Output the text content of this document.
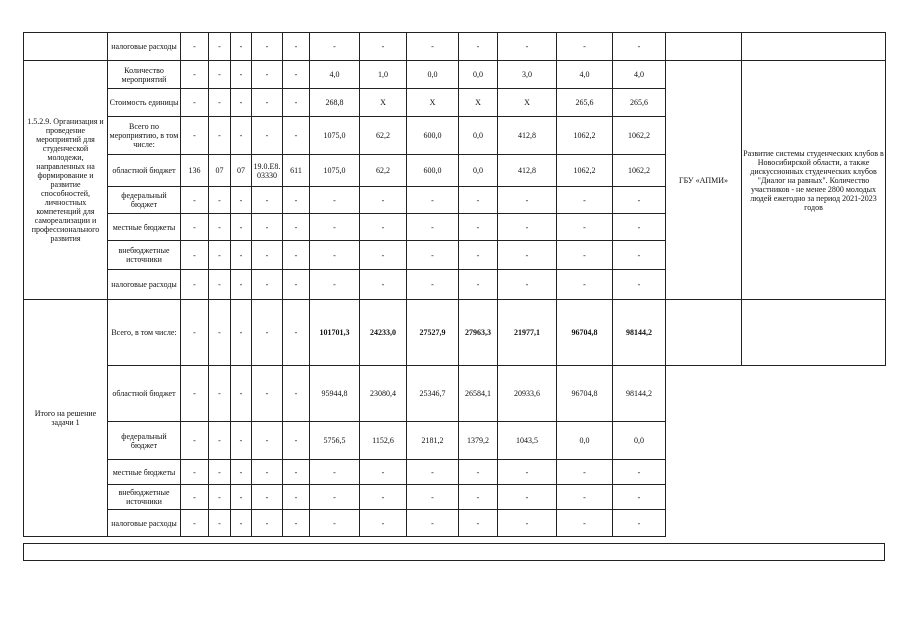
	налоговые расходы	-	-	-	-	-	-	-	-	-	-	-	-		
1.5.2.9. Организация и проведение мероприятий для студенческой молодежи, направленных на формирование и развитие способностей, личностных компетенций для самореализации и профессионального развития	Количество мероприятий	-	-	-	-	-	4,0	1,0	0,0	0,0	3,0	4,0	4,0	ГБУ «АПМИ»	Развитие системы студенческих клубов в Новосибирской области, а также дискуссионных студенческих клубов "Диалог на равных". Количество участников - не менее 2800 молодых людей ежегодно за период 2021-2023 годов
	Стоимость единицы	-	-	-	-	-	268,8	X	X	X	X	265,6	265,6		
	Всего по мероприятию, в том числе:	-	-	-	-	-	1075,0	62,2	600,0	0,0	412,8	1062,2	1062,2		
	областной бюджет	136	07	07	19.0.E8.03330	611	1075,0	62,2	600,0	0,0	412,8	1062,2	1062,2		
	федеральный бюджет	-	-	-	-	-	-	-	-	-	-	-	-		
	местные бюджеты	-	-	-	-	-	-	-	-	-	-	-	-		
	внебюджетные источники	-	-	-	-	-	-	-	-	-	-	-	-		
	налоговые расходы	-	-	-	-	-	-	-	-	-	-	-	-		
Итого на решение задачи 1	Всего, в том числе:	-	-	-	-	-	101701,3	24233,0	27527,9	27963,3	21977,1	96704,8	98144,2		
	областной бюджет	-	-	-	-	-	95944,8	23080,4	25346,7	26584,1	20933,6	96704,8	98144,2		
	федеральный бюджет	-	-	-	-	-	5756,5	1152,6	2181,2	1379,2	1043,5	0,0	0,0		
	местные бюджеты	-	-	-	-	-	-	-	-	-	-	-	-		
	внебюджетные источники	-	-	-	-	-	-	-	-	-	-	-	-		
	налоговые расходы	-	-	-	-	-	-	-	-	-	-	-	-		
